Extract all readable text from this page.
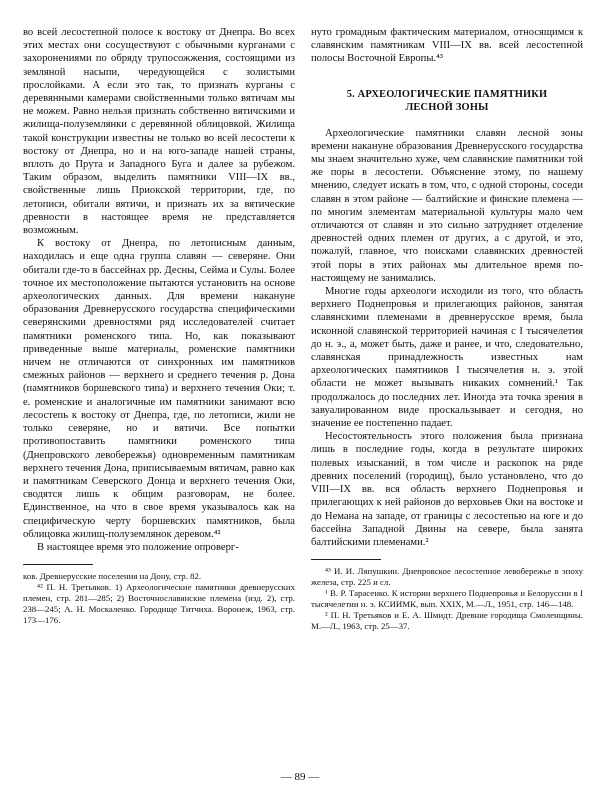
во всей лесостепной полосе к востоку от Днепра. Во всех этих местах они сосуществуют с обычными курганами с захоронениями по обряду трупосожжения, состоящими из земляной насыпи, чередующейся с золистыми прослойками. А если это так, то признать курганы с деревянными камерами свойственными только вятичам мы не можем. Равно нельзя признать собственно вятичскими и жилища-полуземлянки с деревянной облицовкой. Жилища такой конструкции известны не только во всей лесостепи к востоку от Днепра, но и на юго-западе нашей страны, вплоть до Прута и Западного Буга и далее за рубежом. Таким образом, выделить памятники VIII—IX вв., свойственные лишь Приокской территории, где, по летописи, обитали вятичи, и признать их за вятические древности в настоящее время не представляется возможным.

К востоку от Днепра, по летописным данным, находилась и еще одна группа славян — северяне. Они обитали где-то в бассейнах рр. Десны, Сейма и Сулы. Более точное их местоположение пытаются установить на основе археологических данных. Для времени накануне образования Древнерусского государства специфическими северянскими древностями ряд исследователей считает памятники роменского типа. Но, как показывают приведенные выше материалы, роменские памятники ничем не отличаются от синхронных им памятников смежных районов — верхнего и среднего течения р. Дона (памятников боршевского типа) и верхнего течения Оки; т. е. роменские и аналогичные им памятники занимают всю лесостепь к востоку от Днепра, где, по летописи, жили не только северяне, но и вятичи. Все попытки противопоставить памятники роменского типа (Днепровского левобережья) одновременным памятникам верхнего течения Дона, приписываемым вятичам, равно как и памятникам Северского Донца и верхнего течения Оки, сводятся лишь к общим разговорам, не более. Единственное, на что в свое время указывалось как на специфическую черту боршевских памятников, была облицовка жилищ-полуземлянок деревом.⁴²

В настоящее время это положение опроверг-

ков. Древнерусские поселения на Дону, стр. 82.

⁴² П. Н. Третьяков. 1) Археологические памятники древнерусских племен, стр. 281—285; 2) Восточнославянские племена (изд. 2), стр. 238—245; А. Н. Москаленко. Городище Титчиха. Воронеж, 1963, стр. 173—176.

нуто громадным фактическим материалом, относящимся к славянским памятникам VIII—IX вв. всей лесостепной полосы Восточной Европы.⁴³

5. АРХЕОЛОГИЧЕСКИЕ ПАМЯТНИКИ ЛЕСНОЙ ЗОНЫ

Археологические памятники славян лесной зоны времени накануне образования Древнерусского государства мы знаем значительно хуже, чем славянские памятники той же поры в лесостепи. Объяснение этому, по нашему мнению, следует искать в том, что, с одной стороны, соседи славян в этом районе — балтийские и финские племена — по многим элементам материальной культуры мало чем отличаются от славян и это сильно затрудняет отделение древностей одних племен от других, а с другой, и это, пожалуй, главное, что поисками славянских древностей этой поры в этих районах мы длительное время по-настоящему не занимались.

Многие годы археологи исходили из того, что область верхнего Поднепровья и прилегающих районов, занятая славянскими племенами в древнерусское время, была исконной славянской территорией начиная с I тысячелетия до н. э., а, может быть, даже и ранее, и что, следовательно, славянская принадлежность известных нам археологических памятников I тысячелетия н. э. этой области не может вызывать никаких сомнений.¹ Так продолжалось до последних лет. Иногда эта точка зрения в завуалированном виде проскальзывает и сегодня, но значение ее постепенно падает.

Несостоятельность этого положения была признана лишь в последние годы, когда в результате широких полевых изысканий, в том числе и раскопок на ряде древних поселений (городищ), было установлено, что до VIII—IX вв. вся область верхнего Поднепровья и прилегающих к ней районов до верховьев Оки на востоке и до Немана на западе, от границы с лесостепью на юге и до бассейна Западной Двины на севере, была занята балтийскими племенами.²

⁴³ И. И. Ляпушкин. Днепровское лесостепное левобережье в эпоху железа, стр. 225 и сл.

¹ В. Р. Тарасенко. К истории верхнего Поднепровья и Белоруссии в I тысячелетии н. э. КСИИМК, вып. XXIX, М.—Л., 1951, стр. 146—148.

² П. Н. Третьяков и Е. А. Шмидт. Древние городища Смоленщины. М.—Л., 1963, стр. 25—37.

— 89 —
